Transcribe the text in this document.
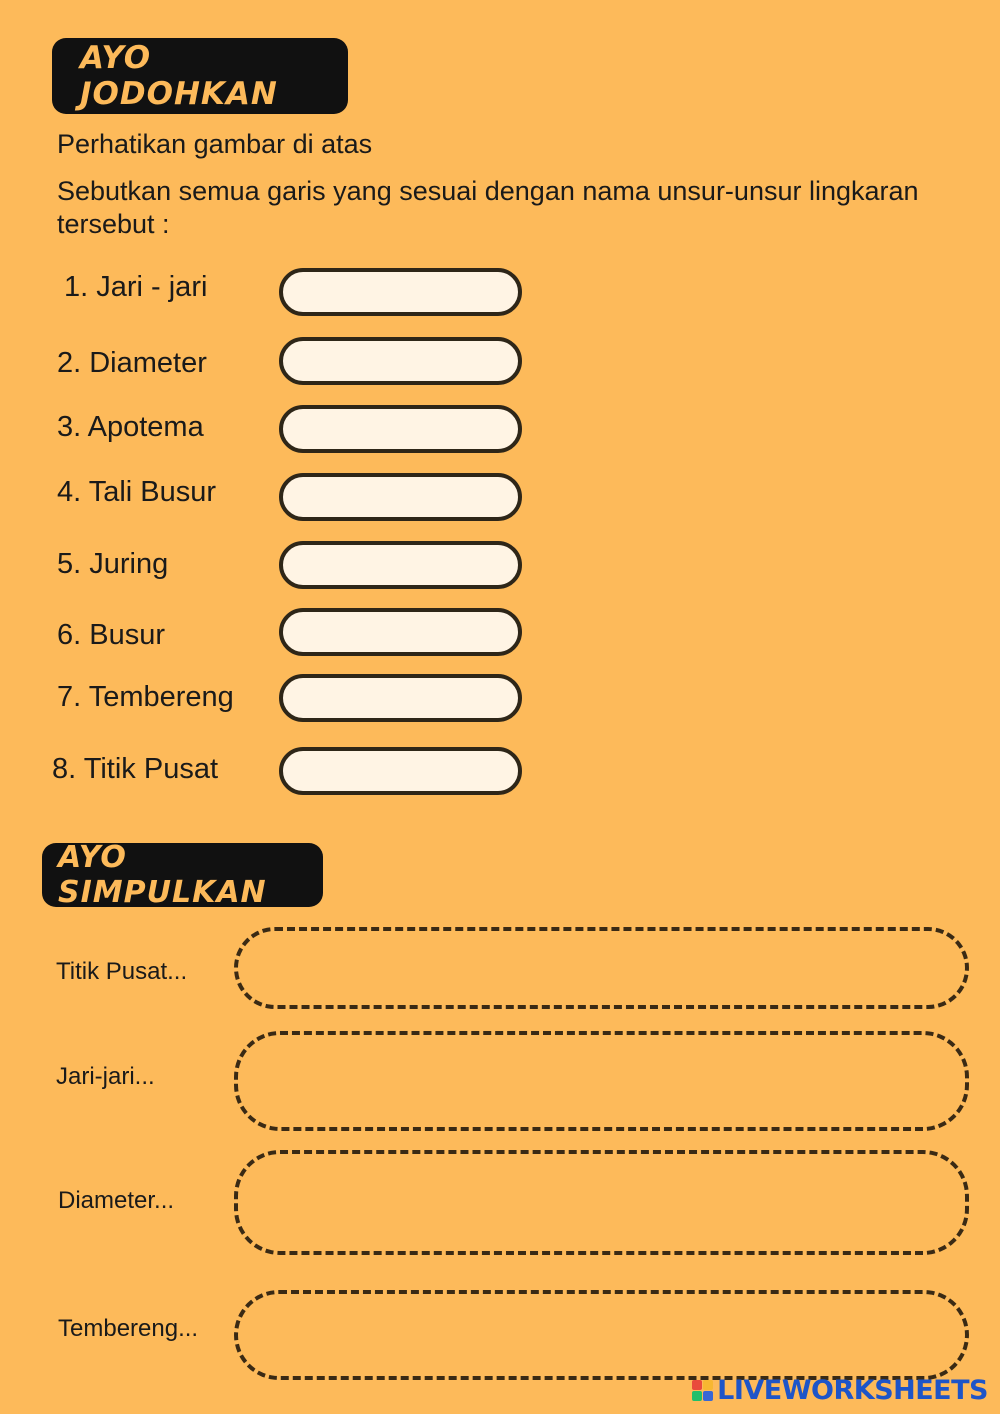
AYO JODOHKAN
Perhatikan gambar di atas
Sebutkan semua garis yang sesuai dengan nama unsur-unsur lingkaran tersebut :
1. Jari - jari
2. Diameter
3. Apotema
4. Tali Busur
5. Juring
6. Busur
7. Tembereng
8. Titik Pusat
AYO SIMPULKAN
Titik Pusat...
Jari-jari...
Diameter...
Tembereng...
LIVEWORKSHEETS
